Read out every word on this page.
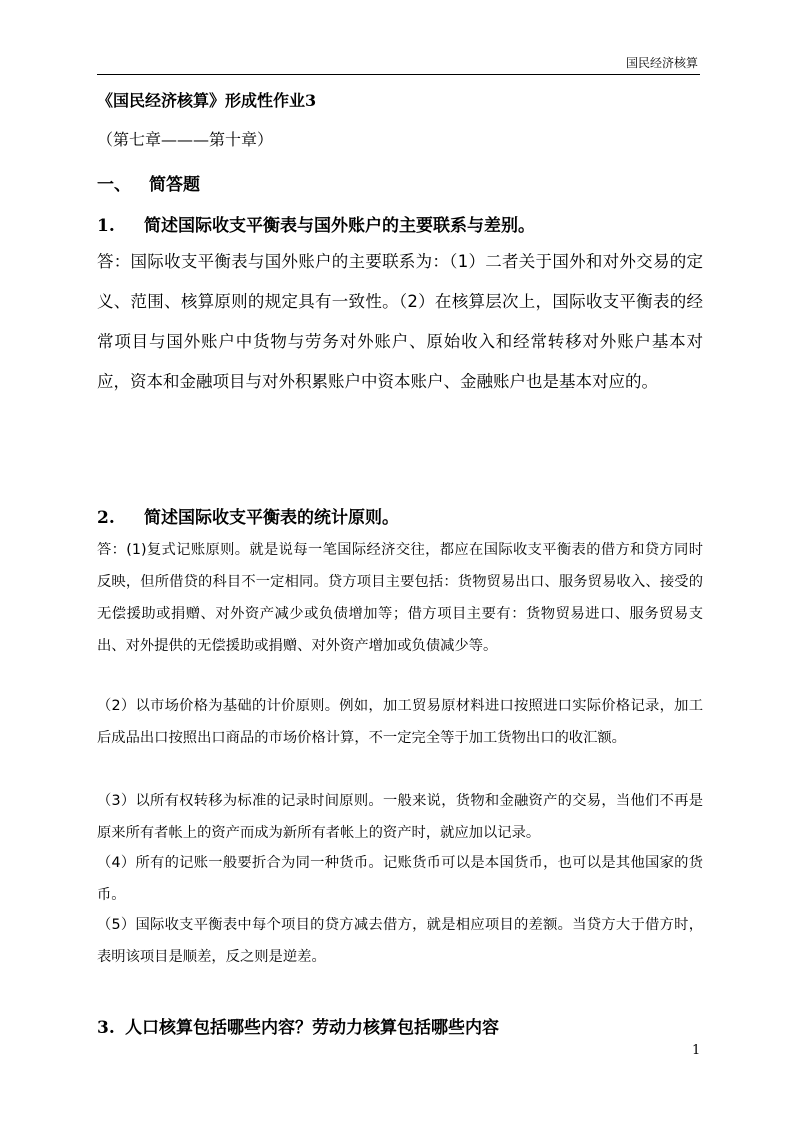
国民经济核算
《国民经济核算》形成性作业3
（第七章———第十章）
一、 简答题
1. 简述国际收支平衡表与国外账户的主要联系与差别。
答：国际收支平衡表与国外账户的主要联系为：（1）二者关于国外和对外交易的定义、范围、核算原则的规定具有一致性。（2）在核算层次上，国际收支平衡表的经常项目与国外账户中货物与劳务对外账户、原始收入和经常转移对外账户基本对应，资本和金融项目与对外积累账户中资本账户、金融账户也是基本对应的。
2. 简述国际收支平衡表的统计原则。
答：(1)复式记账原则。就是说每一笔国际经济交往，都应在国际收支平衡表的借方和贷方同时反映，但所借贷的科目不一定相同。贷方项目主要包括：货物贸易出口、服务贸易收入、接受的无偿援助或捐赠、对外资产减少或负债增加等；借方项目主要有：货物贸易进口、服务贸易支出、对外提供的无偿援助或捐赠、对外资产增加或负债减少等。
（2）以市场价格为基础的计价原则。例如，加工贸易原材料进口按照进口实际价格记录，加工后成品出口按照出口商品的市场价格计算，不一定完全等于加工货物出口的收汇额。
（3）以所有权转移为标准的记录时间原则。一般来说，货物和金融资产的交易，当他们不再是原来所有者帐上的资产而成为新所有者帐上的资产时，就应加以记录。
（4）所有的记账一般要折合为同一种货币。记账货币可以是本国货币，也可以是其他国家的货币。
（5）国际收支平衡表中每个项目的贷方减去借方，就是相应项目的差额。当贷方大于借方时，表明该项目是顺差，反之则是逆差。
3. 人口核算包括哪些内容？劳动力核算包括哪些内容
1
